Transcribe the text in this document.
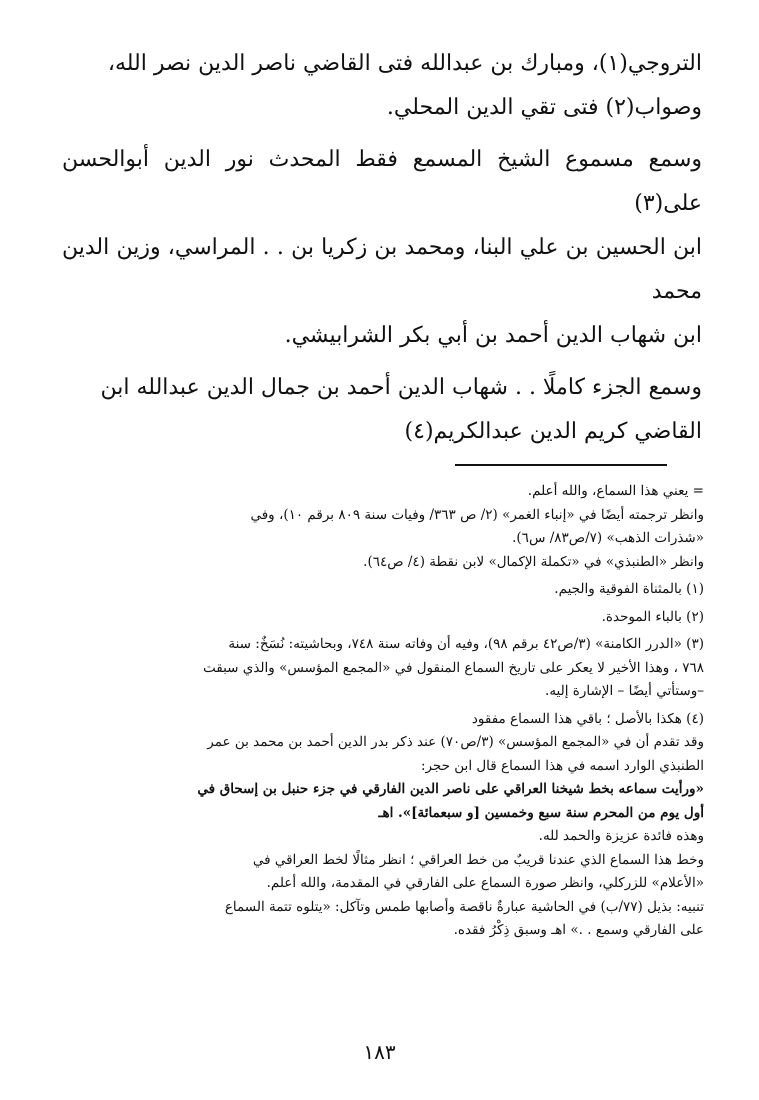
التروجي(١)، ومبارك بن عبدالله فتى القاضي ناصر الدين نصر الله،

وصواب(٢) فتى تقي الدين المحلي.

وسمع مسموع الشيخ المسمع فقط المحدث نور الدين أبوالحسن على(٣)

ابن الحسين بن علي البنا، ومحمد بن زكريا بن . . المراسي، وزين الدين محمد

ابن شهاب الدين أحمد بن أبي بكر الشرابيشي.

وسمع الجزء كاملًا . . شهاب الدين أحمد بن جمال الدين عبدالله ابن

القاضي كريم الدين عبدالكريم(٤)

= يعني هذا السماع، والله أعلم.

وانظر ترجمته أيضًا في «إنباء الغمر» (٢/ ص ٣٦٣/ وفيات سنة ٨٠٩ برقم ١٠)، وفي

«شذرات الذهب» (٧/ص٨٣/ س٦).

وانظر «الطنبذي» في «تكملة الإكمال» لابن نقطة (٤/ ص٦٤).

(١) بالمثناة الفوقية والجيم.

(٢) بالباء الموحدة.

(٣) «الدرر الكامنة» (٣/ص٤٢ برقم ٩٨)، وفيه أن وفاته سنة ٧٤٨، وبحاشيته: نُسَخٌ: سنة

٧٦٨ ، وهذا الأخير لا يعكر على تاريخ السماع المنقول في «المجمع المؤسس» والذي سبقت

–وستأتي أيضًا – الإشارة إليه.

(٤) هكذا بالأصل ؛ باقي هذا السماع مفقود

وقد تقدم أن في «المجمع المؤسس» (٣/ص٧٠) عند ذكر بدر الدين أحمد بن محمد بن عمر

الطنبذي الوارد اسمه في هذا السماع قال ابن حجر:

«ورأيت سماعه بخط شيخنا العراقي على ناصر الدين الفارقي في جزء حنبل بن إسحاق في

أول يوم من المحرم سنة سبع وخمسين [و سبعمائة]». اهـ

وهذه فائدة عزيزة والحمد لله.

وخط هذا السماع الذي عندنا قريبٌ من خط العراقي ؛ انظر مثالًا لخط العراقي في

«الأعلام» للزركلي، وانظر صورة السماع على الفارقي في المقدمة، والله أعلم.

تنبيه: بذيل (٧٧/ب) في الحاشية عبارةٌ ناقصة وأصابها طمس وتآكل: «يتلوه تتمة السماع

على الفارقي وسمع . .» اهـ وسبق ذِكْرُ فقده.

١٨٣
